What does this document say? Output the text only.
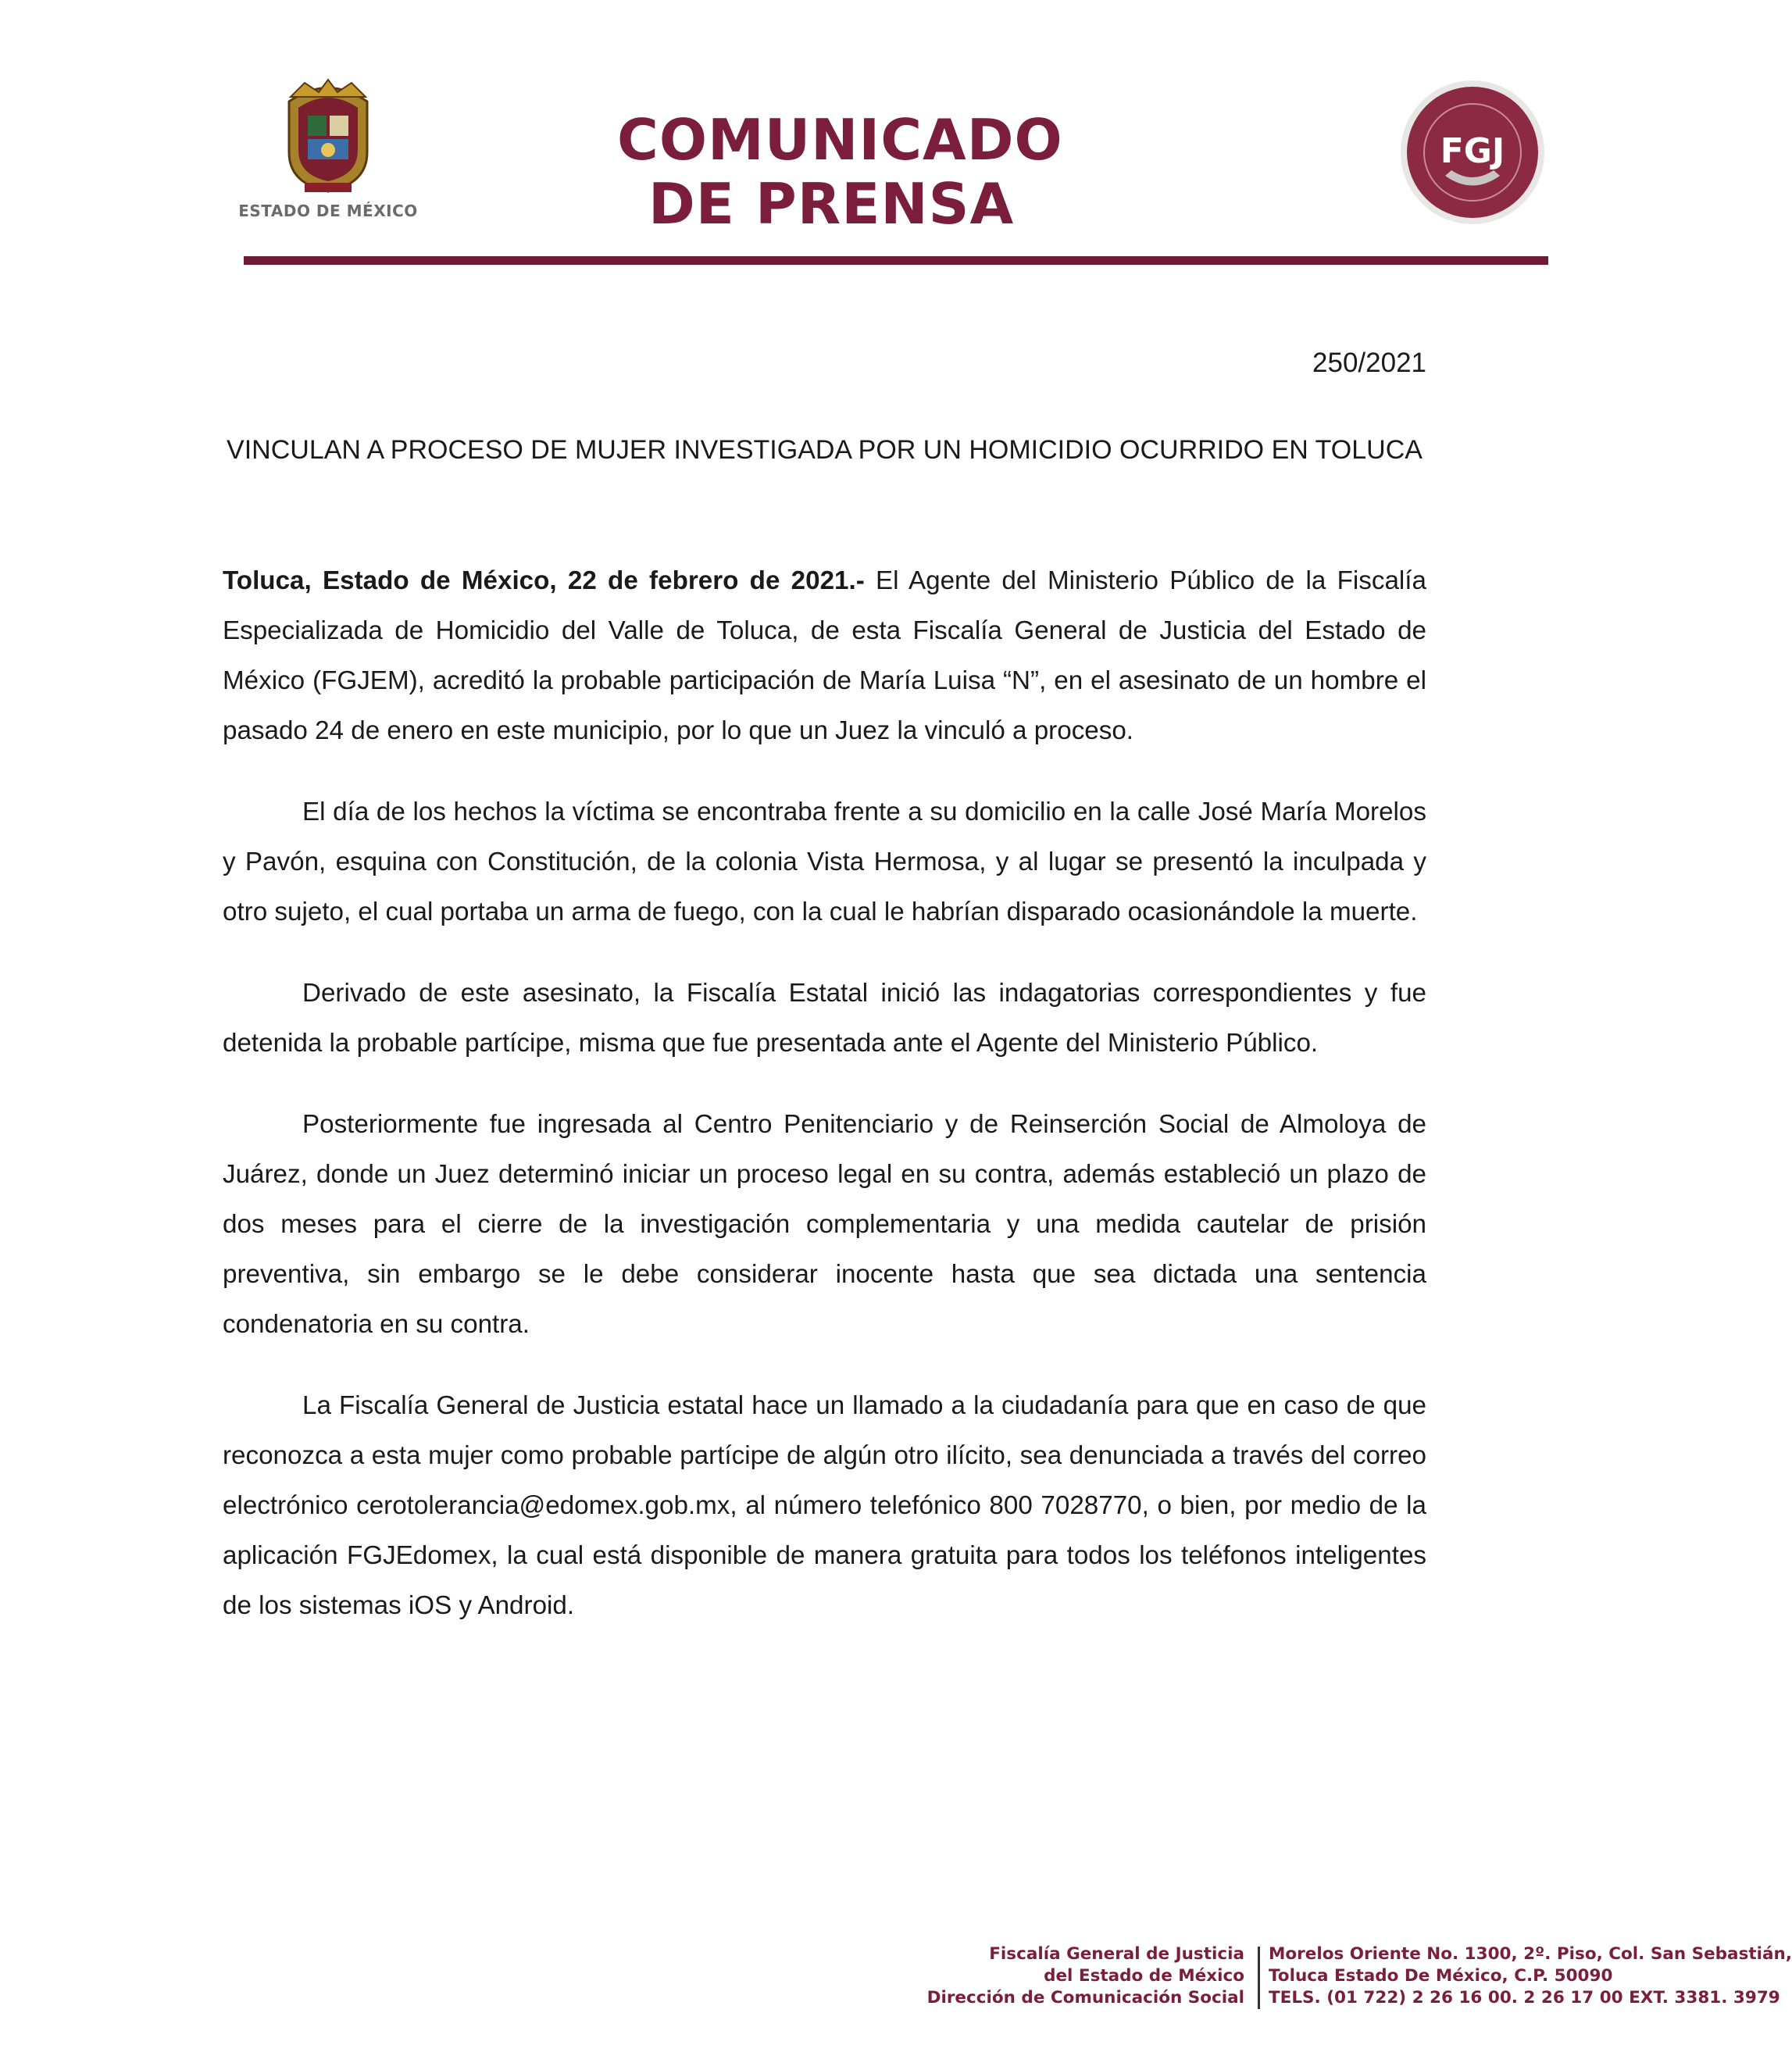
ESTADO DE MÉXICO
COMUNICADO
DE PRENSA
FGJ
250/2021
VINCULAN A PROCESO DE MUJER INVESTIGADA POR UN HOMICIDIO OCURRIDO EN TOLUCA

Toluca, Estado de México, 22 de febrero de 2021.- El Agente del Ministerio Público de la Fiscalía Especializada de Homicidio del Valle de Toluca, de esta Fiscalía General de Justicia del Estado de México (FGJEM), acreditó la probable participación de María Luisa “N”, en el asesinato de un hombre el pasado 24 de enero en este municipio, por lo que un Juez la vinculó a proceso.

El día de los hechos la víctima se encontraba frente a su domicilio en la calle José María Morelos y Pavón, esquina con Constitución, de la colonia Vista Hermosa, y al lugar se presentó la inculpada y otro sujeto, el cual portaba un arma de fuego, con la cual le habrían disparado ocasionándole la muerte.

Derivado de este asesinato, la Fiscalía Estatal inició las indagatorias correspondientes y fue detenida la probable partícipe, misma que fue presentada ante el Agente del Ministerio Público.

Posteriormente fue ingresada al Centro Penitenciario y de Reinserción Social de Almoloya de Juárez, donde un Juez determinó iniciar un proceso legal en su contra, además estableció un plazo de dos meses para el cierre de la investigación complementaria y una medida cautelar de prisión preventiva, sin embargo se le debe considerar inocente hasta que sea dictada una sentencia condenatoria en su contra.

La Fiscalía General de Justicia estatal hace un llamado a la ciudadanía para que en caso de que reconozca a esta mujer como probable partícipe de algún otro ilícito, sea denunciada a través del correo electrónico cerotolerancia@edomex.gob.mx, al número telefónico 800 7028770, o bien, por medio de la aplicación FGJEdomex, la cual está disponible de manera gratuita para todos los teléfonos inteligentes de los sistemas iOS y Android.

Fiscalía General de Justicia
del Estado de México
Dirección de Comunicación Social
Morelos Oriente No. 1300, 2º. Piso, Col. San Sebastián,
Toluca Estado De México, C.P. 50090
TELS. (01 722) 2 26 16 00. 2 26 17 00 EXT. 3381. 3979
